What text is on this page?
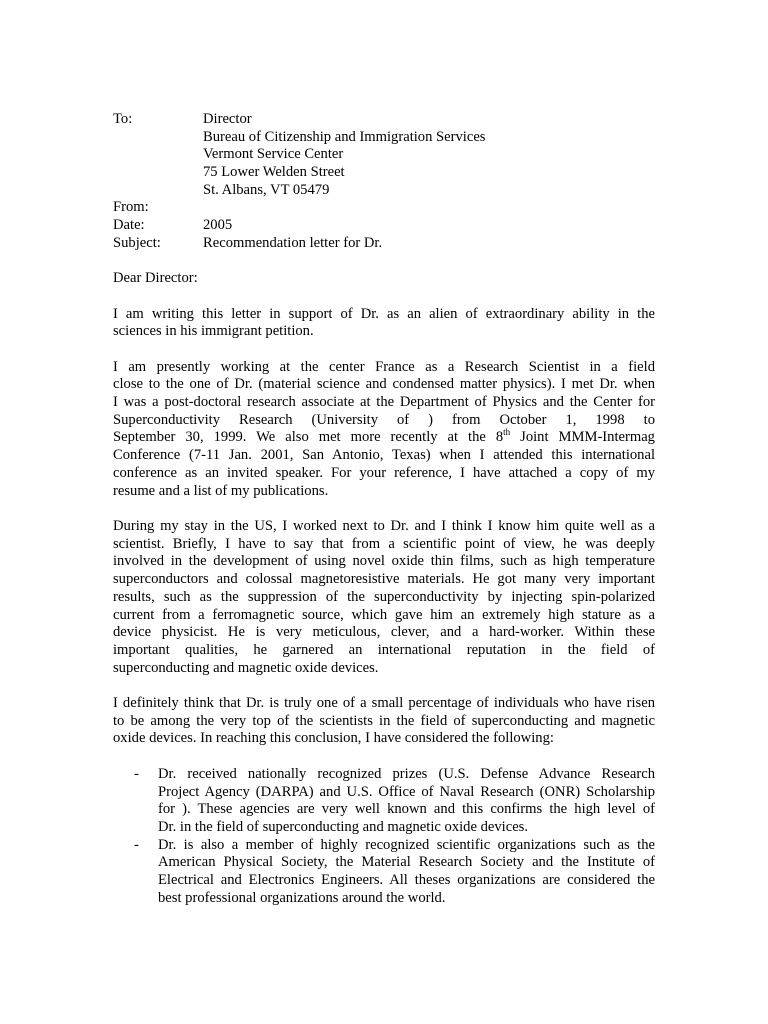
To:	Director
Bureau of Citizenship and Immigration Services
Vermont Service Center
75 Lower Welden Street
St. Albans, VT 05479
From:
Date:	2005
Subject:	Recommendation letter for Dr.
Dear Director:
I am writing this letter in support of Dr. as an alien of extraordinary ability in the
sciences in his immigrant petition.
I am presently working at the center France as a Research Scientist in a field
close to the one of Dr. (material science and condensed matter physics). I met Dr. when
I was a post-doctoral research associate at the Department of Physics and the Center for
Superconductivity Research (University of ) from October 1, 1998 to
September 30, 1999. We also met more recently at the 8th Joint MMM-Intermag
Conference (7-11 Jan. 2001, San Antonio, Texas) when I attended this international
conference as an invited speaker. For your reference, I have attached a copy of my
resume and a list of my publications.
During my stay in the US, I worked next to Dr. and I think I know him quite well as a
scientist. Briefly, I have to say that from a scientific point of view, he was deeply
involved in the development of using novel oxide thin films, such as high temperature
superconductors and colossal magnetoresistive materials. He got many very important
results, such as the suppression of the superconductivity by injecting spin-polarized
current from a ferromagnetic source, which gave him an extremely high stature as a
device physicist. He is very meticulous, clever, and a hard-worker. Within these
important qualities, he garnered an international reputation in the field of
superconducting and magnetic oxide devices.
I definitely think that Dr. is truly one of a small percentage of individuals who have risen
to be among the very top of the scientists in the field of superconducting and magnetic
oxide devices. In reaching this conclusion, I have considered the following:
-	Dr. received nationally recognized prizes (U.S. Defense Advance Research
Project Agency (DARPA) and U.S. Office of Naval Research (ONR) Scholarship
for ). These agencies are very well known and this confirms the high level of
Dr. in the field of superconducting and magnetic oxide devices.
-	Dr. is also a member of highly recognized scientific organizations such as the
American Physical Society, the Material Research Society and the Institute of
Electrical and Electronics Engineers. All theses organizations are considered the
best professional organizations around the world.
